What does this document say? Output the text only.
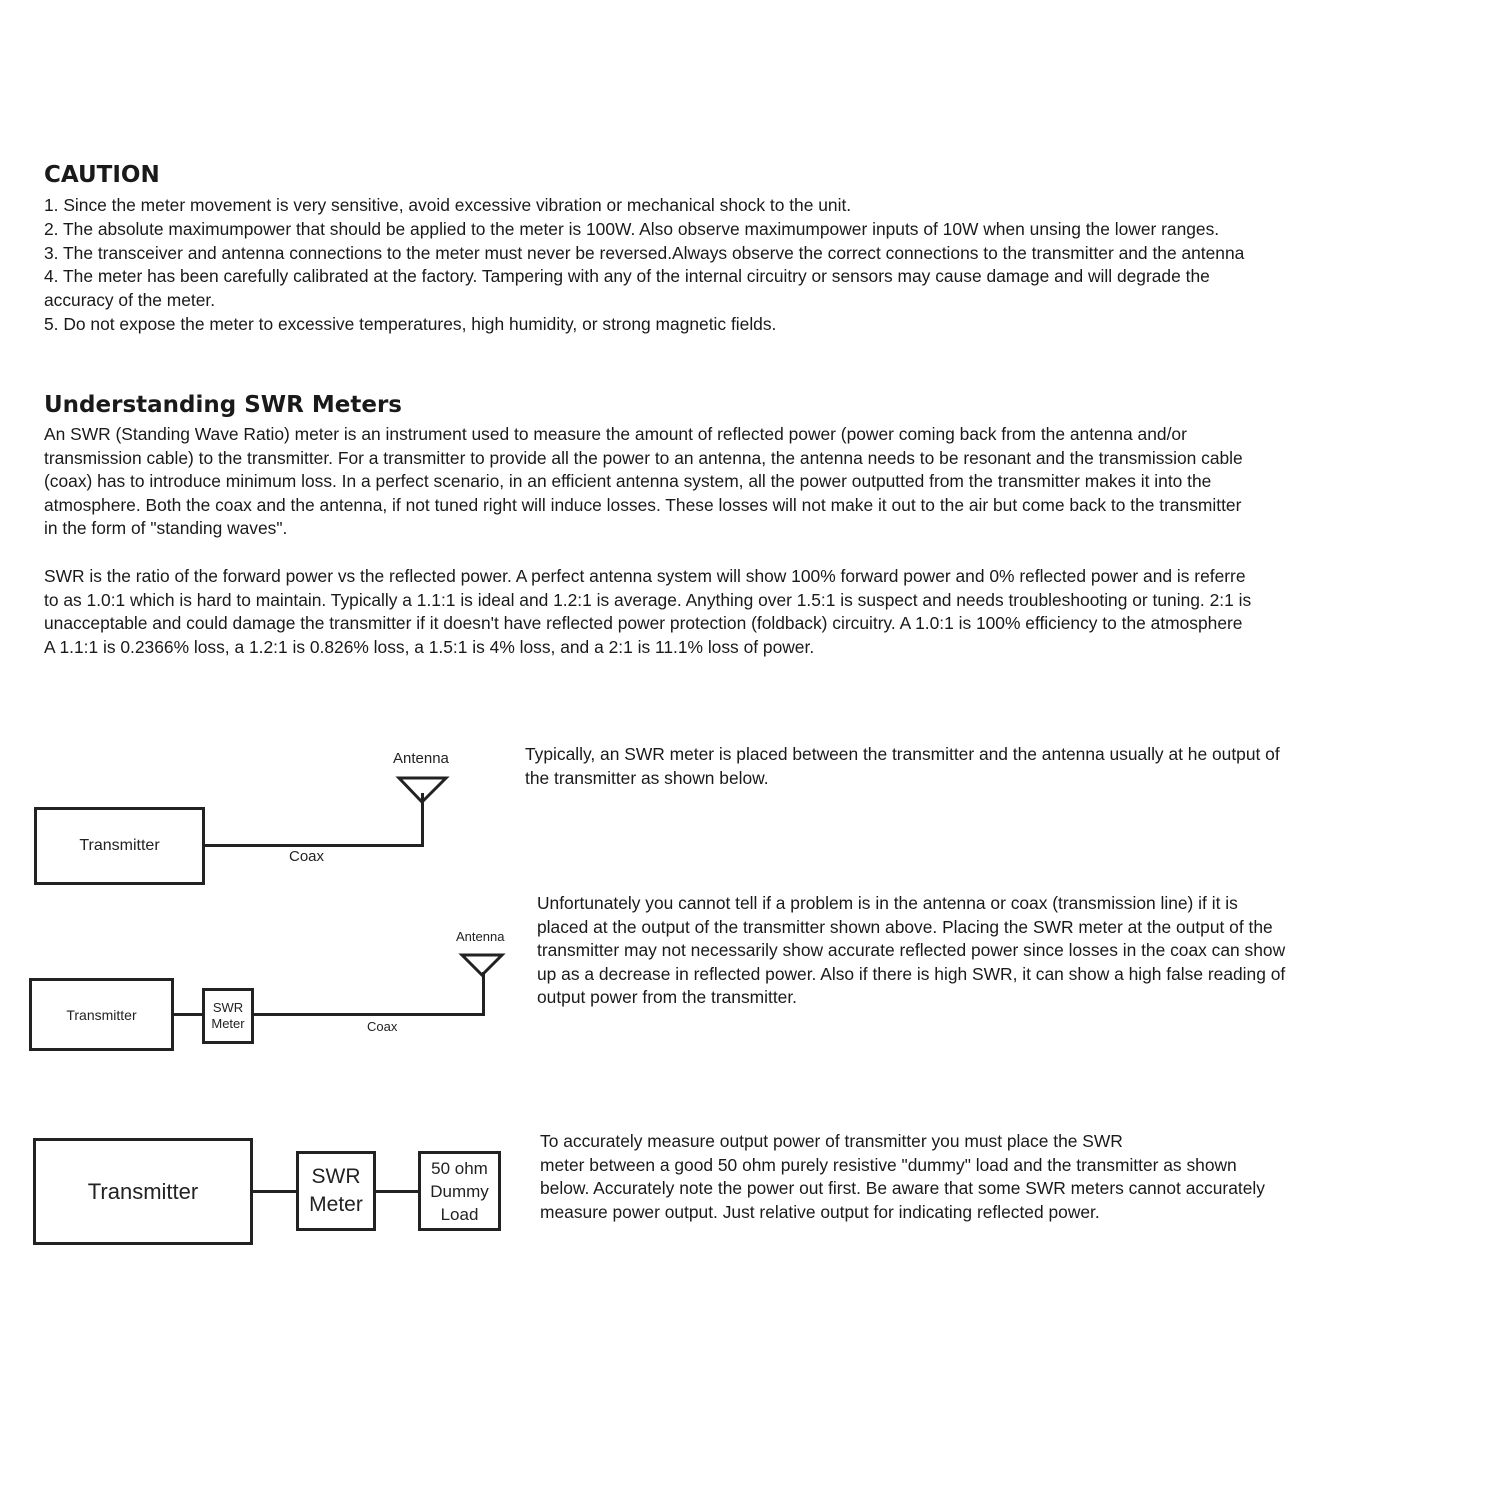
CAUTION

1. Since the meter movement is very sensitive, avoid excessive vibration or mechanical shock to the unit.

2. The absolute maximumpower that should be applied to the meter is 100W. Also observe maximumpower inputs of 10W when unsing the lower ranges.

3. The transceiver and antenna connections to the meter must never be reversed.Always observe the correct connections to the transmitter and the antenna

4. The meter has been carefully calibrated at the factory. Tampering with any of the internal circuitry or sensors may cause damage and will degrade the

accuracy of the meter.

5. Do not expose the meter to excessive temperatures, high humidity, or strong magnetic fields.

Understanding SWR Meters
An SWR (Standing Wave Ratio) meter is an instrument used to measure the amount of reflected power (power coming back from the antenna and/or
transmission cable) to the transmitter. For a transmitter to provide all the power to an antenna, the antenna needs to be resonant and the transmission cable
(coax) has to introduce minimum loss. In a perfect scenario, in an efficient antenna system, all the power outputted from the transmitter makes it into the
atmosphere. Both the coax and the antenna, if not tuned right will induce losses. These losses will not make it out to the air but come back to the transmitter
in the form of "standing waves".
SWR is the ratio of the forward power vs the reflected power. A perfect antenna system will show 100% forward power and 0% reflected power and is referre
to as 1.0:1 which is hard to maintain. Typically a 1.1:1 is ideal and 1.2:1 is average. Anything over 1.5:1 is suspect and needs troubleshooting or tuning. 2:1 is
unacceptable and could damage the transmitter if it doesn't have reflected power protection (foldback) circuitry. A 1.0:1 is 100% efficiency to the atmosphere
A 1.1:1 is 0.2366% loss, a 1.2:1 is 0.826% loss, a 1.5:1 is 4% loss, and a 2:1 is 11.1% loss of power.
Transmitter
Antenna
Coax
Typically, an SWR meter is placed between the transmitter and the antenna usually at he output of
the transmitter as shown below.
Transmitter	SWR
Meter
Antenna
Coax
Unfortunately you cannot tell if a problem is in the antenna or coax (transmission line) if it is
placed at the output of the transmitter shown above. Placing the SWR meter at the output of the
transmitter may not necessarily show accurate reflected power since losses in the coax can show
up as a decrease in reflected power. Also if there is high SWR, it can show a high false reading of
output power from the transmitter.
Transmitter
SWR
Meter
50 ohm
Dummy
Load
To accurately measure output power of transmitter you must place the SWR
meter between a good 50 ohm purely resistive "dummy" load and the transmitter as shown
below. Accurately note the power out first. Be aware that some SWR meters cannot accurately
measure power output. Just relative output for indicating reflected power.
